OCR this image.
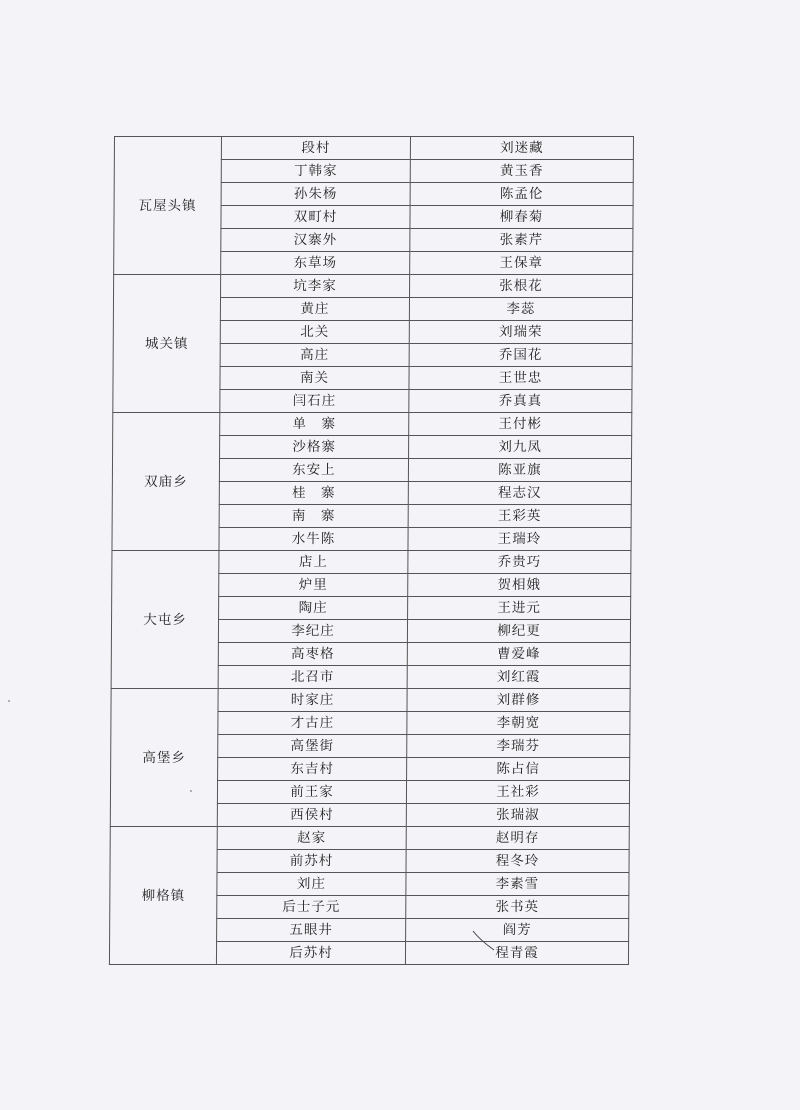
瓦屋头镇	段村	刘迷藏
	丁韩家	黄玉香
	孙朱杨	陈孟伦
	双町村	柳春菊
	汉寨外	张素芹
	东草场	王保章
城关镇	坑李家	张根花
	黄庄	李蕊
	北关	刘瑞荣
	高庄	乔国花
	南关	王世忠
	闫石庄	乔真真
双庙乡	单　寨	王付彬
	沙格寨	刘九凤
	东安上	陈亚旗
	桂　寨	程志汉
	南　寨	王彩英
	水牛陈	王瑞玲
大屯乡	店上	乔贵巧
	炉里	贺相娥
	陶庄	王进元
	李纪庄	柳纪更
	高枣格	曹爱峰
	北召市	刘红霞
高堡乡	时家庄	刘群修
	才古庄	李朝宽
	高堡街	李瑞芬
	东吉村	陈占信
	前王家	王社彩
	西侯村	张瑞淑
柳格镇	赵家	赵明存
	前苏村	程冬玲
	刘庄	李素雪
	后士子元	张书英
	五眼井	阎芳
	后苏村	程青霞
